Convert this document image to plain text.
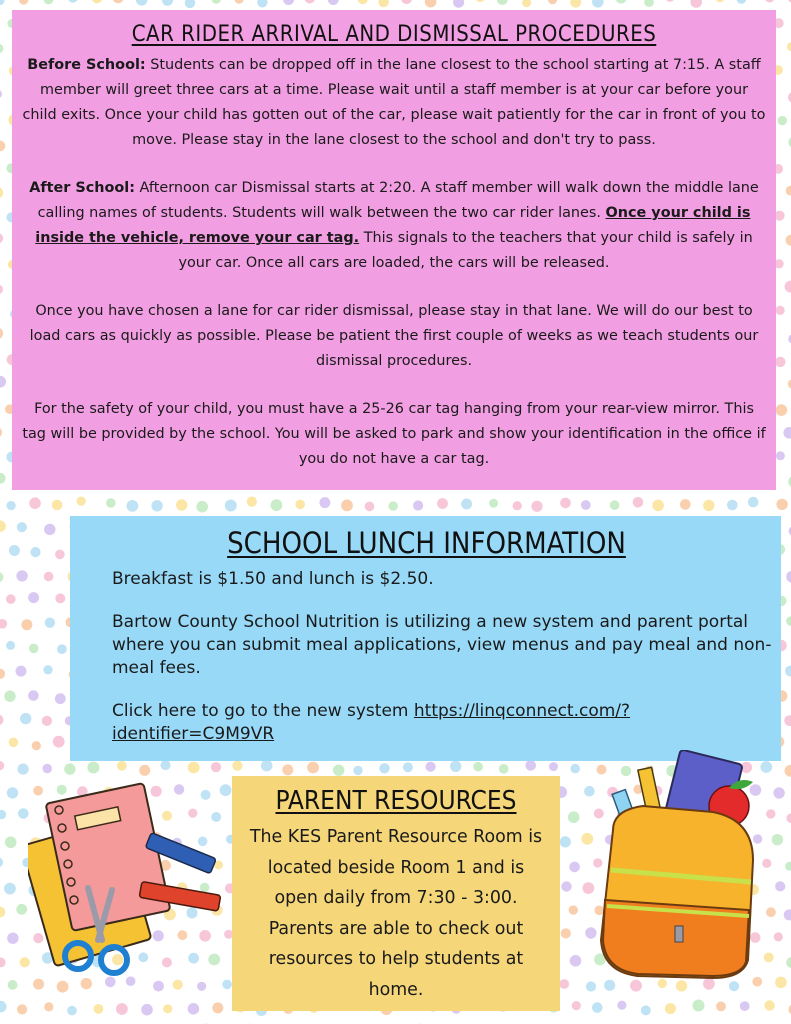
CAR RIDER ARRIVAL AND DISMISSAL PROCEDURES

Before School: Students can be dropped off in the lane closest to the school starting at 7:15. A staff member will greet three cars at a time. Please wait until a staff member is at your car before your child exits. Once your child has gotten out of the car, please wait patiently for the car in front of you to move. Please stay in the lane closest to the school and don't try to pass.

After School: Afternoon car Dismissal starts at 2:20. A staff member will walk down the middle lane calling names of students. Students will walk between the two car rider lanes. Once your child is inside the vehicle, remove your car tag. This signals to the teachers that your child is safely in your car. Once all cars are loaded, the cars will be released.

Once you have chosen a lane for car rider dismissal, please stay in that lane. We will do our best to load cars as quickly as possible. Please be patient the first couple of weeks as we teach students our dismissal procedures.

For the safety of your child, you must have a 25-26 car tag hanging from your rear-view mirror. This tag will be provided by the school. You will be asked to park and show your identification in the office if you do not have a car tag.

SCHOOL LUNCH INFORMATION

Breakfast is $1.50 and lunch is $2.50.

Bartow County School Nutrition is utilizing a new system and parent portal where you can submit meal applications, view menus and pay meal and non-meal fees.

Click here to go to the new system https://linqconnect.com/?identifier=C9M9VR

PARENT RESOURCES

The KES Parent Resource Room is located beside Room 1 and is open daily from 7:30 - 3:00. Parents are able to check out resources to help students at home.
